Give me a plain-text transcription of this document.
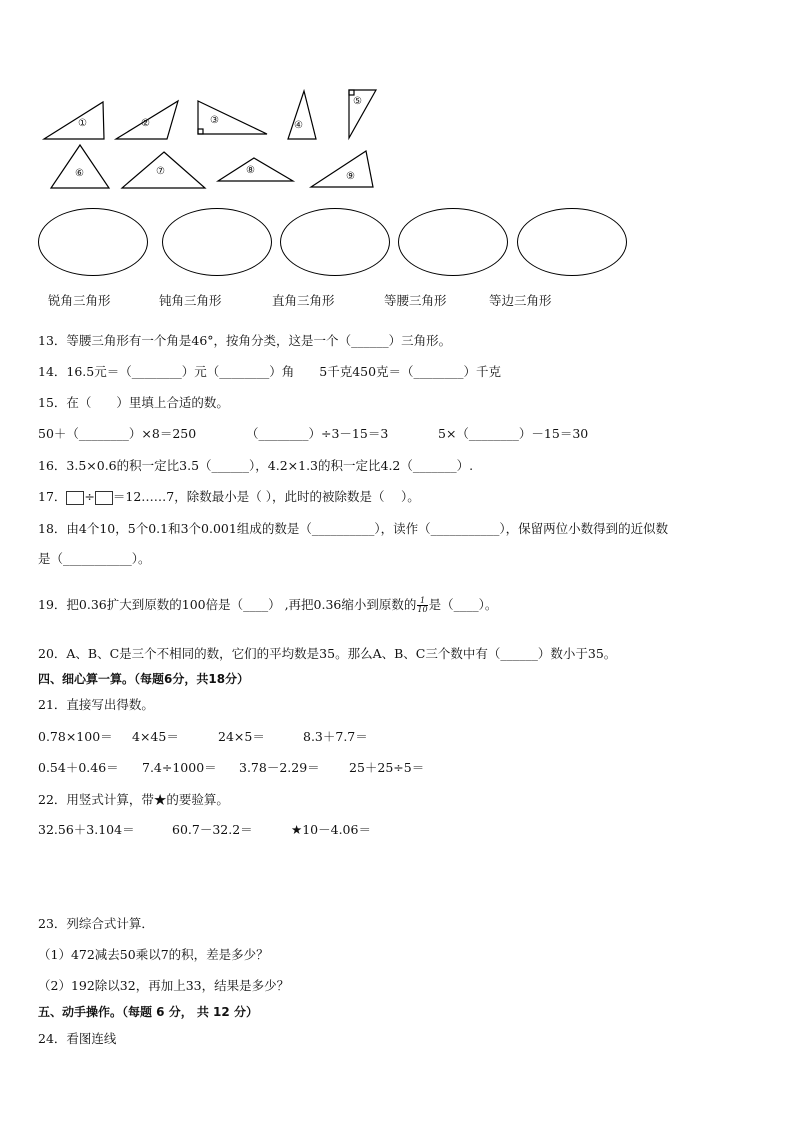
①	②	③	④
⑤
⑥	⑦	⑧
⑨
锐角三角形	钝角三角形	直角三角形	等腰三角形	等边三角形
13．等腰三角形有一个角是46°，按角分类，这是一个（______）三角形。
14．16.5元＝（________）元（________）角　　5千克450克＝（________）千克
15．在（　　）里填上合适的数。
50＋（________）×8＝250	（________）÷3－15＝3	5×（________）－15＝30
16．3.5×0.6的积一定比3.5（______），4.2×1.3的积一定比4.2（_______）.
17． ÷ ＝12……7，除数最小是（ ），此时的被除数是（　 ）。
18．由4个10，5个0.1和3个0.001组成的数是（__________），读作（___________），保留两位小数得到的近似数
是（___________）。
19．把0.36扩大到原数的100倍是（____） ,再把0.36缩小到原数的 $\frac{1}{10}$ 是（____）。
20．A、B、C是三个不相同的数，它们的平均数是35。那么A、B、C三个数中有（______）数小于35。
四、细心算一算。（每题6分，共18分）
21．直接写出得数。
0.78×100＝ 4×45＝	24×5＝	8.3＋7.7＝
0.54＋0.46＝ 7.4÷1000＝ 3.78－2.29＝ 25＋25÷5＝
22．用竖式计算，带★的要验算。
32.56＋3.104＝	60.7－32.2＝	★10－4.06＝
23．列综合式计算．
（1）472减去50乘以7的积，差是多少？
（2）192除以32，再加上33，结果是多少？
五、动手操作。（每题 6 分， 共 12 分）
24．看图连线
